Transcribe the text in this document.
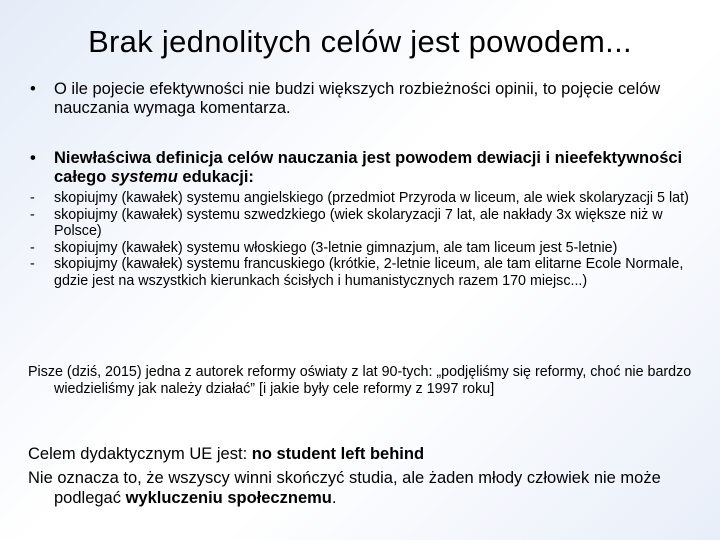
Brak jednolitych celów jest powodem...
• O ile pojecie efektywności nie budzi większych rozbieżności opinii, to pojęcie celów nauczania wymaga komentarza.
• Niewłaściwa definicja celów nauczania jest powodem dewiacji i nieefektywności całego systemu edukacji:
- skopiujmy (kawałek) systemu angielskiego (przedmiot Przyroda w liceum, ale wiek skolaryzacji 5 lat)
- skopiujmy (kawałek) systemu szwedzkiego (wiek skolaryzacji 7 lat, ale nakłady 3x większe niż w Polsce)
- skopiujmy (kawałek) systemu włoskiego (3-letnie gimnazjum, ale tam liceum jest 5-letnie)
- skopiujmy (kawałek) systemu francuskiego (krótkie, 2-letnie liceum, ale tam elitarne Ecole Normale, gdzie jest na wszystkich kierunkach ścisłych i humanistycznych razem 170 miejsc...)
Pisze (dziś, 2015) jedna z autorek reformy oświaty z lat 90-tych: „podjęliśmy się reformy, choć nie bardzo wiedzieliśmy jak należy działać” [i jakie były cele reformy z 1997 roku]
Celem dydaktycznym UE jest: no student left behind
Nie oznacza to, że wszyscy winni skończyć studia, ale żaden młody człowiek nie może podlegać wykluczeniu społecznemu.
